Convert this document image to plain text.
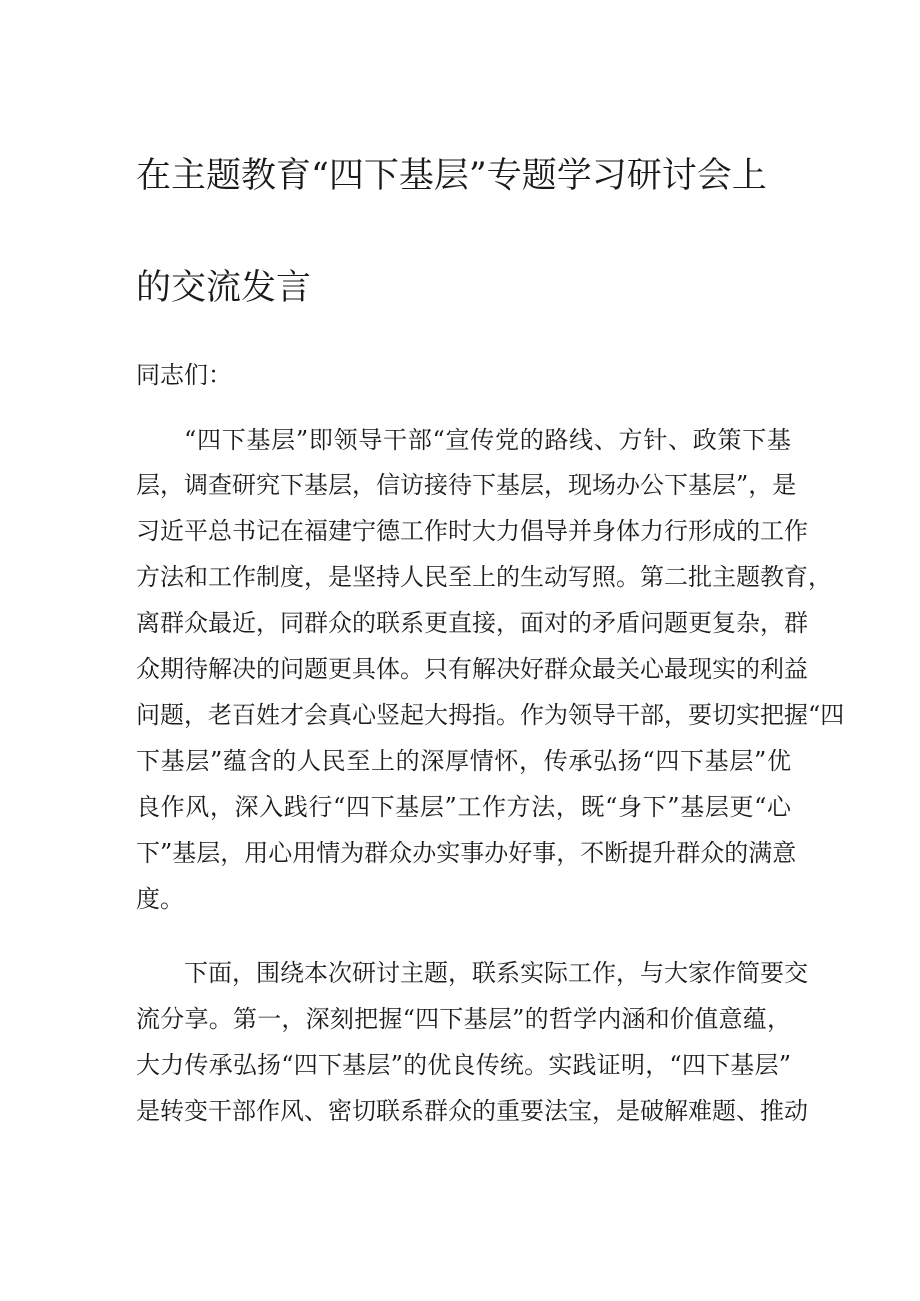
在主题教育“四下基层”专题学习研讨会上
的交流发言
同志们：
“四下基层”即领导干部“宣传党的路线、方针、政策下基
层，调查研究下基层，信访接待下基层，现场办公下基层”，是
习近平总书记在福建宁德工作时大力倡导并身体力行形成的工作
方法和工作制度，是坚持人民至上的生动写照。第二批主题教育，
离群众最近，同群众的联系更直接，面对的矛盾问题更复杂，群
众期待解决的问题更具体。只有解决好群众最关心最现实的利益
问题，老百姓才会真心竖起大拇指。作为领导干部，要切实把握“四
下基层”蕴含的人民至上的深厚情怀，传承弘扬“四下基层”优
良作风，深入践行“四下基层”工作方法，既“身下”基层更“心
下”基层，用心用情为群众办实事办好事，不断提升群众的满意
度。
下面，围绕本次研讨主题，联系实际工作，与大家作简要交
流分享。第一，深刻把握“四下基层”的哲学内涵和价值意蕴，
大力传承弘扬“四下基层”的优良传统。实践证明，“四下基层”
是转变干部作风、密切联系群众的重要法宝，是破解难题、推动
